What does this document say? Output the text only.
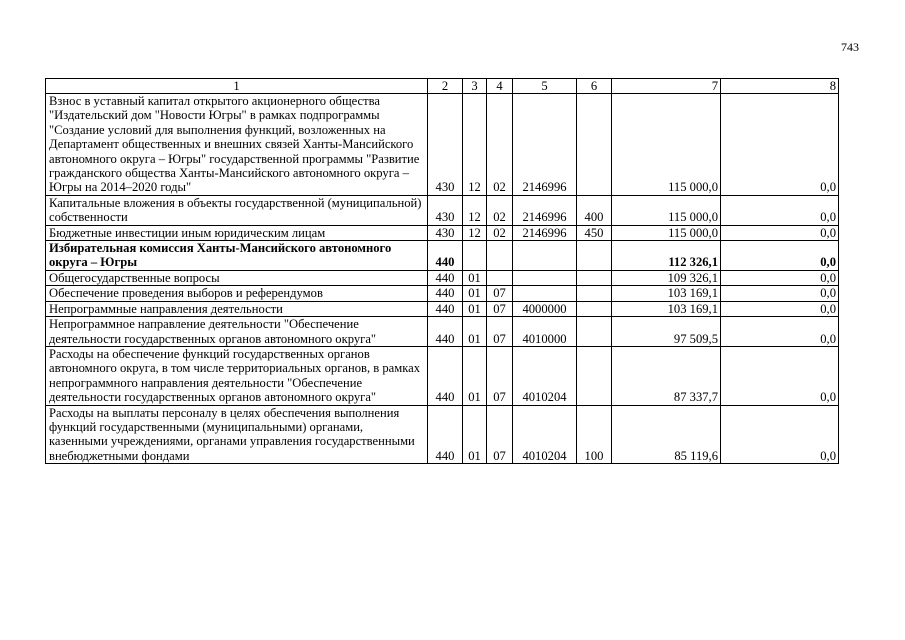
743
1	2	3	4	5	6	7	8
Взнос в уставный капитал открытого акционерного общества "Издательский дом "Новости Югры" в рамках подпрограммы "Создание условий для выполнения функций, возложенных на Департамент общественных и внешних связей Ханты-Мансийского автономного округа – Югры" государственной программы "Развитие гражданского общества Ханты-Мансийского автономного округа – Югры на 2014–2020 годы"	430	12	02	2146996		115 000,0	0,0
Капитальные вложения в объекты государственной (муниципальной) собственности	430	12	02	2146996	400	115 000,0	0,0
Бюджетные инвестиции иным юридическим лицам	430	12	02	2146996	450	115 000,0	0,0
Избирательная комиссия Ханты-Мансийского автономного округа – Югры	440					112 326,1	0,0
Общегосударственные вопросы	440	01				109 326,1	0,0
Обеспечение проведения выборов и референдумов	440	01	07			103 169,1	0,0
Непрограммные направления деятельности	440	01	07	4000000		103 169,1	0,0
Непрограммное направление деятельности "Обеспечение деятельности государственных органов автономного округа"	440	01	07	4010000		97 509,5	0,0
Расходы на обеспечение функций государственных органов автономного округа, в том числе территориальных органов, в рамках непрограммного направления деятельности "Обеспечение деятельности государственных органов автономного округа"	440	01	07	4010204		87 337,7	0,0
Расходы на выплаты персоналу в целях обеспечения выполнения функций государственными (муниципальными) органами, казенными учреждениями, органами управления государственными внебюджетными фондами	440	01	07	4010204	100	85 119,6	0,0
